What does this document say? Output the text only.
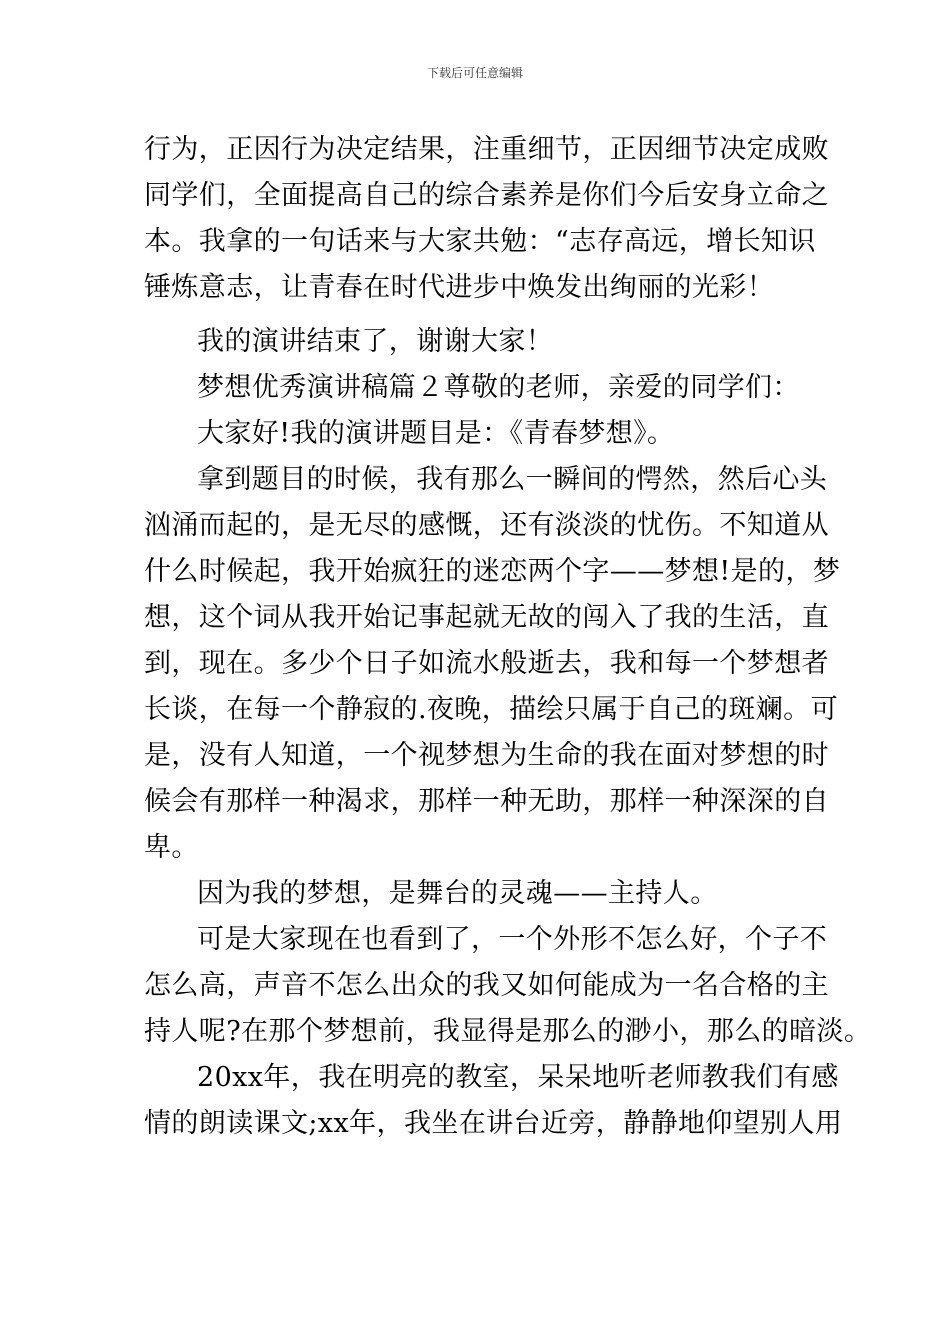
下载后可任意编辑
行为，正因行为决定结果，注重细节，正因细节决定成败
同学们，全面提高自己的综合素养是你们今后安身立命之
本。我拿的一句话来与大家共勉：“志存高远，增长知识
锤炼意志，让青春在时代进步中焕发出绚丽的光彩！
我的演讲结束了，谢谢大家！
梦想优秀演讲稿篇２尊敬的老师，亲爱的同学们：
大家好!我的演讲题目是：《青春梦想》。
拿到题目的时候，我有那么一瞬间的愕然，然后心头
汹涌而起的，是无尽的感慨，还有淡淡的忧伤。不知道从
什么时候起，我开始疯狂的迷恋两个字——梦想!是的，梦
想，这个词从我开始记事起就无故的闯入了我的生活，直
到，现在。多少个日子如流水般逝去，我和每一个梦想者
长谈，在每一个静寂的.夜晚，描绘只属于自己的斑斓。可
是，没有人知道，一个视梦想为生命的我在面对梦想的时
候会有那样一种渴求，那样一种无助，那样一种深深的自
卑。
因为我的梦想，是舞台的灵魂——主持人。
可是大家现在也看到了，一个外形不怎么好，个子不
怎么高，声音不怎么出众的我又如何能成为一名合格的主
持人呢?在那个梦想前，我显得是那么的渺小，那么的暗淡。
20xx年，我在明亮的教室，呆呆地听老师教我们有感
情的朗读课文;xx年，我坐在讲台近旁，静静地仰望别人用
